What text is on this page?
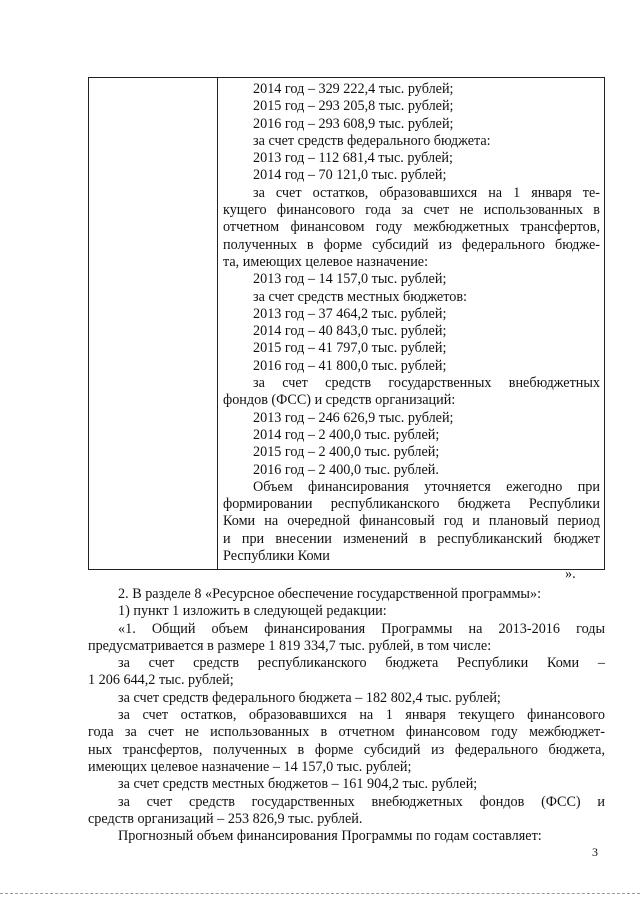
2014 год – 329 222,4 тыс. рублей;
2015 год – 293 205,8 тыс. рублей;
2016 год – 293 608,9 тыс. рублей;
за счет средств федерального бюджета:
2013 год – 112 681,4 тыс. рублей;
2014 год – 70 121,0 тыс. рублей;
за счет остатков, образовавшихся на 1 января те-
кущего финансового года за счет не использованных в
отчетном финансовом году межбюджетных трансфертов,
полученных в форме субсидий из федерального бюдже-
та, имеющих целевое назначение:
2013 год – 14 157,0 тыс. рублей;
за счет средств местных бюджетов:
2013 год – 37 464,2 тыс. рублей;
2014 год – 40 843,0 тыс. рублей;
2015 год – 41 797,0 тыс. рублей;
2016 год – 41 800,0 тыс. рублей;
за счет средств государственных внебюджетных
фондов (ФСС) и средств организаций:
2013 год – 246 626,9 тыс. рублей;
2014 год – 2 400,0 тыс. рублей;
2015 год – 2 400,0 тыс. рублей;
2016 год – 2 400,0 тыс. рублей.
Объем финансирования уточняется ежегодно при
формировании республиканского бюджета Республики
Коми на очередной финансовый год и плановый период
и при внесении изменений в республиканский бюджет
Республики Коми
».
2. В разделе 8 «Ресурсное обеспечение государственной программы»:
1) пункт 1 изложить в следующей редакции:
«1. Общий объем финансирования Программы на 2013-2016 годы
предусматривается в размере 1 819 334,7 тыс. рублей, в том числе:
за счет средств республиканского бюджета Республики Коми –
1 206 644,2 тыс. рублей;
за счет средств федерального бюджета – 182 802,4 тыс. рублей;
за счет остатков, образовавшихся на 1 января текущего финансового
года за счет не использованных в отчетном финансовом году межбюджет-
ных трансфертов, полученных в форме субсидий из федерального бюджета,
имеющих целевое назначение – 14 157,0 тыс. рублей;
за счет средств местных бюджетов – 161 904,2 тыс. рублей;
за счет средств государственных внебюджетных фондов (ФСС) и
средств организаций – 253 826,9 тыс. рублей.
Прогнозный объем финансирования Программы по годам составляет:
3
